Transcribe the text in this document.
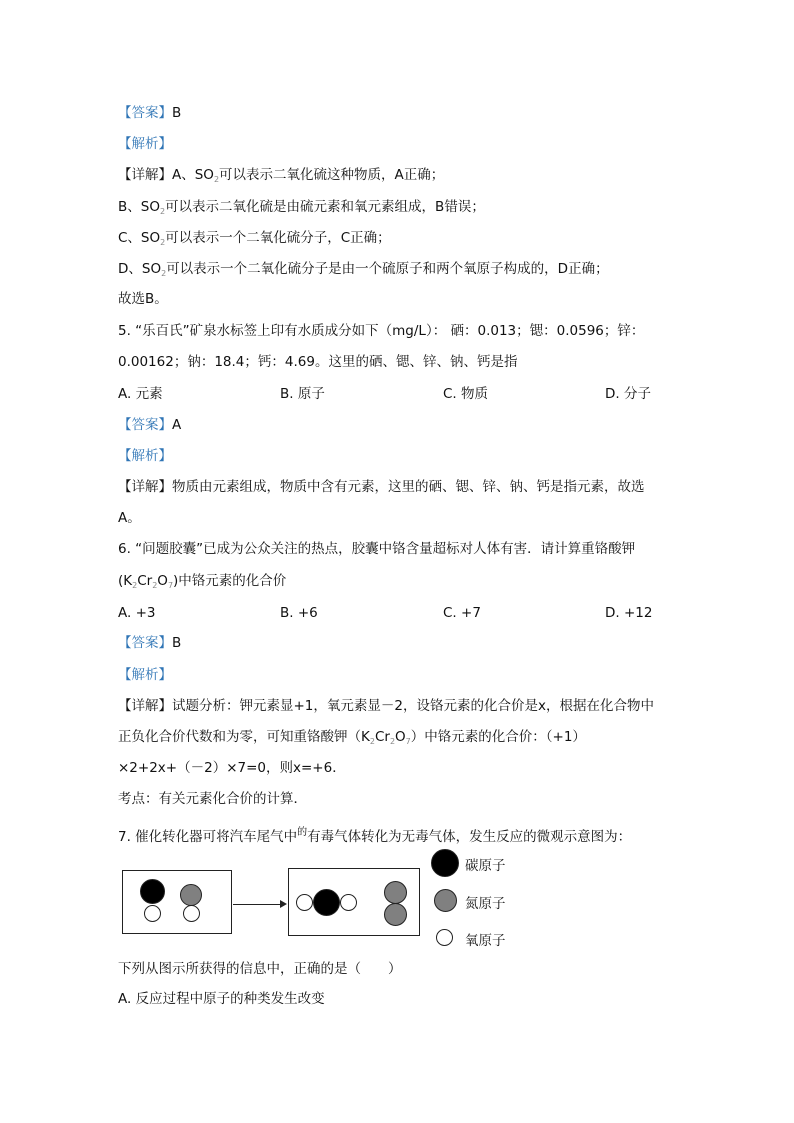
【答案】B
【解析】
【详解】A、$SO_2$可以表示二氧化硫这种物质，A正确；
B、$SO_2$可以表示二氧化硫是由硫元素和氧元素组成，B错误；
C、$SO_2$可以表示一个二氧化硫分子，C正确；
D、$SO_2$可以表示一个二氧化硫分子是由一个硫原子和两个氧原子构成的，D正确；
故选B。
5. “乐百氏”矿泉水标签上印有水质成分如下（mg/L）： 硒：0.013；锶：0.0596；锌：
0.00162；钠：18.4；钙：4.69。这里的硒、锶、锌、钠、钙是指
A. 元素	B. 原子	C. 物质	D. 分子
【答案】A
【解析】
【详解】物质由元素组成，物质中含有元素，这里的硒、锶、锌、钠、钙是指元素，故选
A。
6. “问题胶囊”已成为公众关注的热点，胶囊中铬含量超标对人体有害．请计算重铬酸钾
$(K_2Cr_2O_7)$中铬元素的化合价
A. +3	B. +6	C. +7	D. +12
【答案】B
【解析】
【详解】试题分析：钾元素显+1，氧元素显－2，设铬元素的化合价是x，根据在化合物中
正负化合价代数和为零，可知重铬酸钾$(K_2Cr_2O_7)$中铬元素的化合价：（+1）
×2+2x+（－2）×7=0，则x=+6．
考点：有关元素化合价的计算．
7. 催化转化器可将汽车尾气中$^的$有毒气体转化为无毒气体，发生反应的微观示意图为：
碳原子
氮原子
氧原子
下列从图示所获得的信息中，正确的是（　　）
A. 反应过程中原子的种类发生改变
